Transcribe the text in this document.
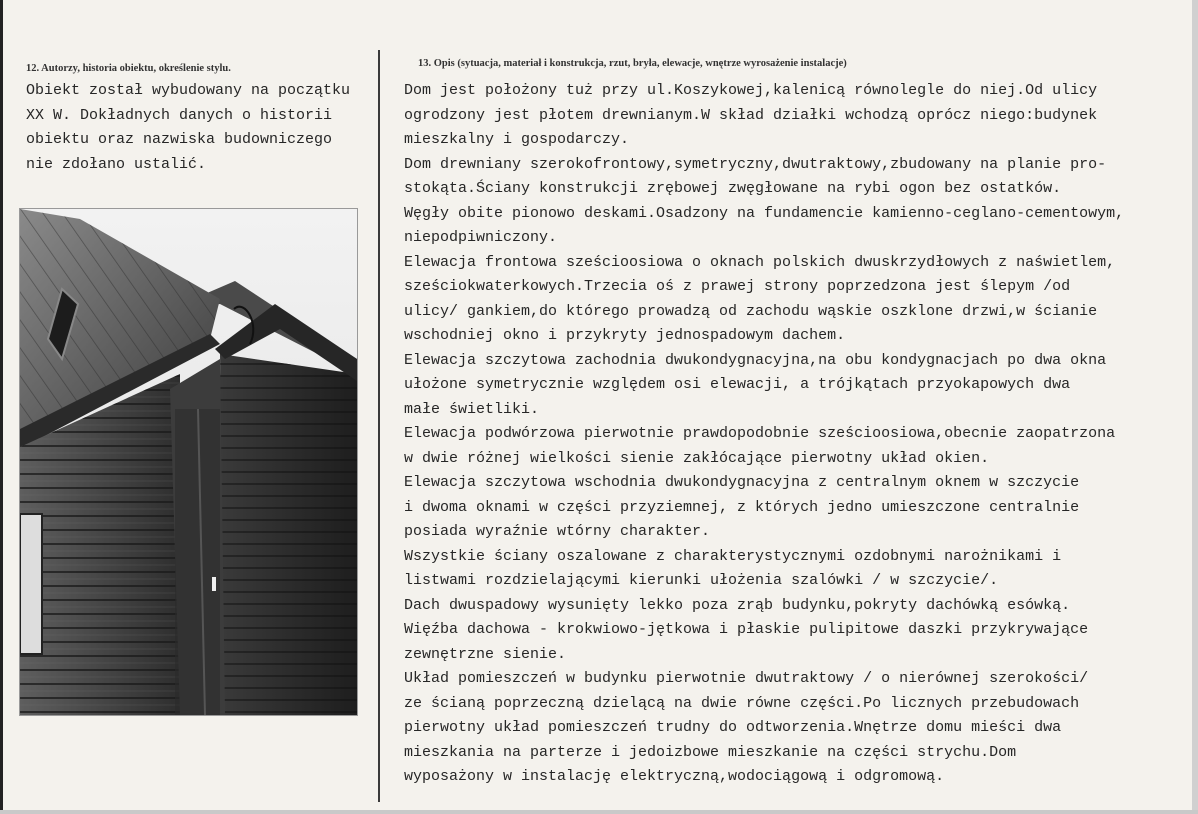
12. Autorzy, historia obiektu, określenie stylu.	13. Opis (sytuacja, materiał i konstrukcja, rzut, bryła, elewacje, wnętrze wyrosażenie instalacje)
Obiekt został wybudowany na początku
XX W. Dokładnych danych o historii
obiektu oraz nazwiska budowniczego
nie zdołano ustalić.
Dom jest położony tuż przy ul.Koszykowej,kalenicą równolegle do niej.Od ulicy
ogrodzony jest płotem drewnianym.W skład działki wchodzą oprócz niego:budynek
mieszkalny i gospodarczy.
Dom drewniany szerokofrontowy,symetryczny,dwutraktowy,zbudowany na planie pro-
stokąta.Ściany konstrukcji zrębowej zwęgłowane na rybi ogon bez ostatków.
Węgły obite pionowo deskami.Osadzony na fundamencie kamienno-ceglano-cementowym,
niepodpiwniczony.
Elewacja frontowa sześcioosiowa o oknach polskich dwuskrzydłowych z naświetlem,
sześciokwaterkowych.Trzecia oś z prawej strony poprzedzona jest ślepym /od
ulicy/ gankiem,do którego prowadzą od zachodu wąskie oszklone drzwi,w ścianie
wschodniej okno i przykryty jednospadowym dachem.
Elewacja szczytowa zachodnia dwukondygnacyjna,na obu kondygnacjach po dwa okna
ułożone symetrycznie względem osi elewacji, a trójkątach przyokapowych dwa
małe świetliki.
Elewacja podwórzowa pierwotnie prawdopodobnie sześcioosiowa,obecnie zaopatrzona
w dwie różnej wielkości sienie zakłócające pierwotny układ okien.
Elewacja szczytowa wschodnia dwukondygnacyjna z centralnym oknem w szczycie
i dwoma oknami w części przyziemnej, z których jedno umieszczone centralnie
posiada wyraźnie wtórny charakter.
Wszystkie ściany oszalowane z charakterystycznymi ozdobnymi narożnikami i
listwami rozdzielającymi kierunki ułożenia szalówki / w szczycie/.
Dach dwuspadowy wysunięty lekko poza zrąb budynku,pokryty dachówką esówką.
Więźba dachowa - krokwiowo-jętkowa i płaskie pulipitowe daszki przykrywające
zewnętrzne sienie.
Układ pomieszczeń w budynku pierwotnie dwutraktowy / o nierównej szerokości/
ze ścianą poprzeczną dzielącą na dwie równe części.Po licznych przebudowach
pierwotny układ pomieszczeń trudny do odtworzenia.Wnętrze domu mieści dwa
mieszkania na parterze i jedoizbowe mieszkanie na części strychu.Dom
wyposażony w instalację elektryczną,wodociągową i odgromową.
